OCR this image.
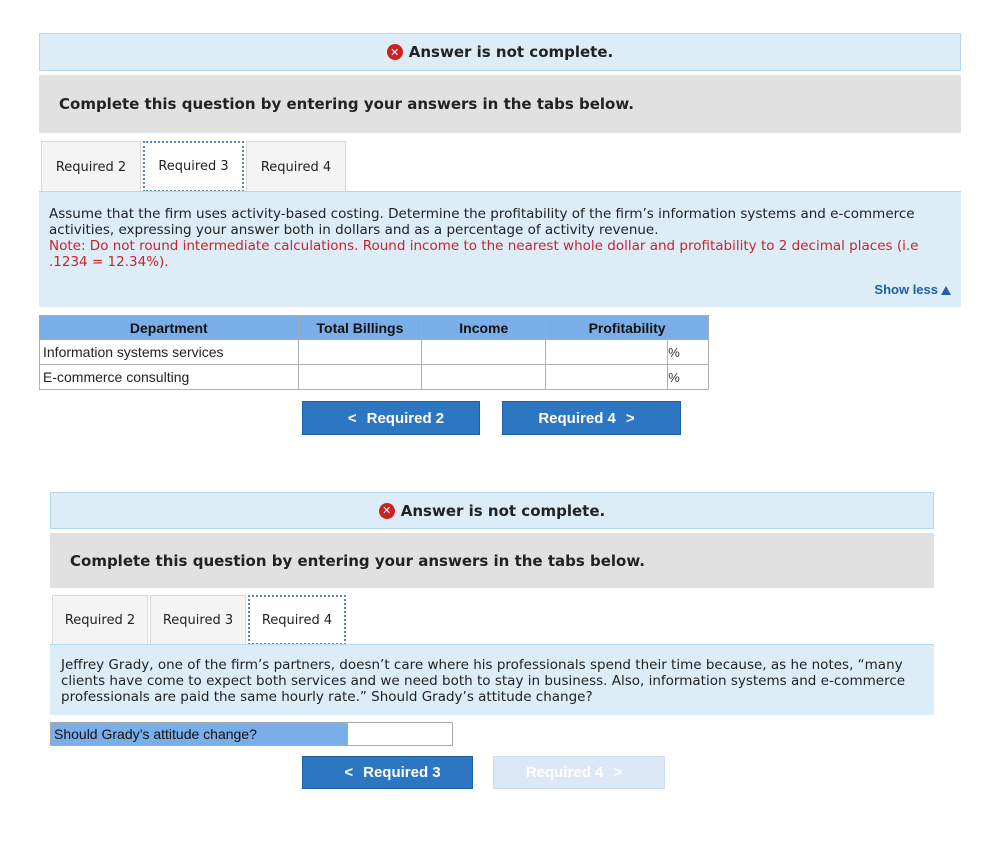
✕ Answer is not complete.
Complete this question by entering your answers in the tabs below.
Required 2 Required 3 Required 4

Assume that the firm uses activity-based costing. Determine the profitability of the firm’s information systems and e-commerce activities, expressing your answer both in dollars and as a percentage of activity revenue.

Note: Do not round intermediate calculations. Round income to the nearest whole dollar and profitability to 2 decimal places (i.e .1234 = 12.34%).

Show less
Department	Total Billings	Income	Profitability	
Information systems services				%
E-commerce consulting				%
< Required 2	Required 4 >
✕ Answer is not complete.
Complete this question by entering your answers in the tabs below.
Required 2 Required 3 Required 4

Jeffrey Grady, one of the firm’s partners, doesn’t care where his professionals spend their time because, as he notes, “many clients have come to expect both services and we need both to stay in business. Also, information systems and e-commerce professionals are paid the same hourly rate.” Should Grady’s attitude change?

Should Grady’s attitude change?
< Required 3	Required 4 >
